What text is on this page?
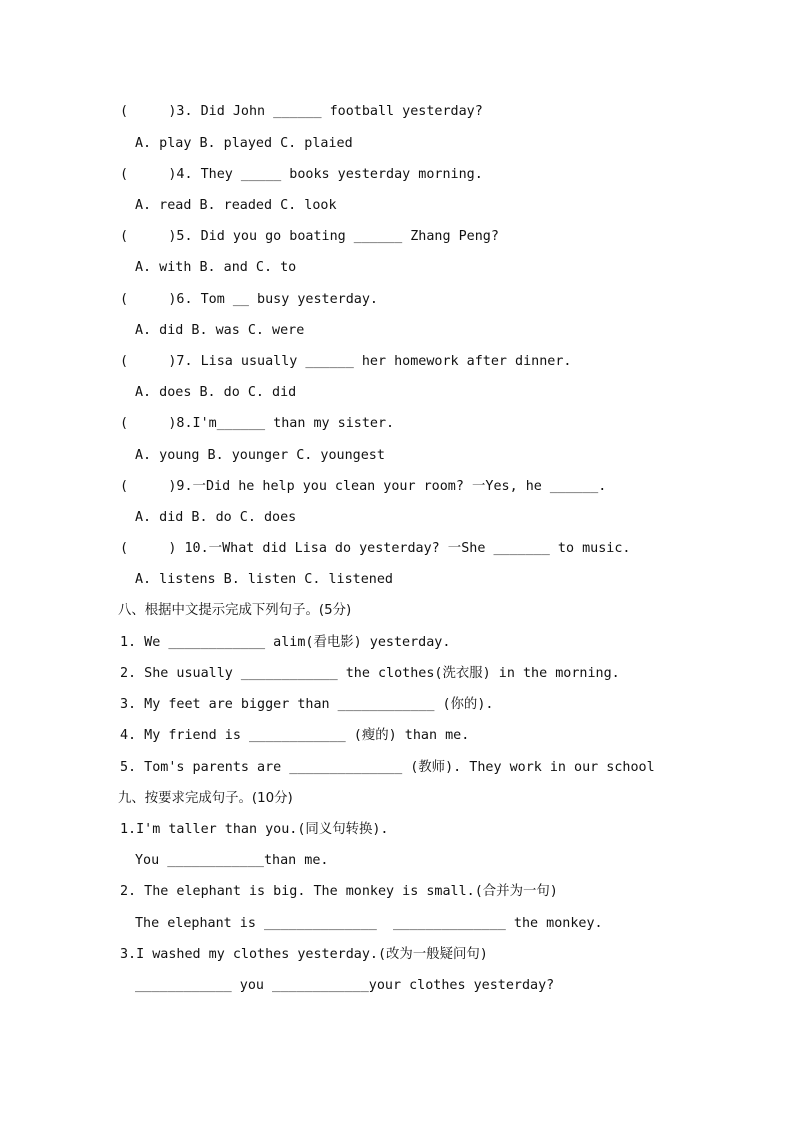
(     )3. Did John ______ football yesterday?
A. play B. played C. plaied
(     )4. They _____ books yesterday morning.
A. read B. readed C. look
(     )5. Did you go boating ______ Zhang Peng?
A. with B. and C. to
(     )6. Tom __ busy yesterday.
A. did B. was C. were
(     )7. Lisa usually ______ her homework after dinner.
A. does B. do C. did
(     )8.I'm______ than my sister.
A. young B. younger C. youngest
(     )9.一Did he help you clean your room? 一Yes, he ______.
A. did B. do C. does
(     ) 10.一What did Lisa do yesterday? 一She _______ to music.
A. listens B. listen C. listened
八、根据中文提示完成下列句子。(5分)
1. We ____________ alim(看电影) yesterday.
2. She usually ____________ the clothes(洗衣服) in the morning.
3. My feet are bigger than ____________ (你的).
4. My friend is ____________ (瘦的) than me.
5. Tom's parents are ______________ (教师). They work in our school
九、按要求完成句子。(10分)
1.I'm taller than you.(同义句转换).
You ____________than me.
2. The elephant is big. The monkey is small.(合并为一句)
The elephant is ______________  ______________ the monkey.
3.I washed my clothes yesterday.(改为一般疑问句)
____________ you ____________your clothes yesterday?
